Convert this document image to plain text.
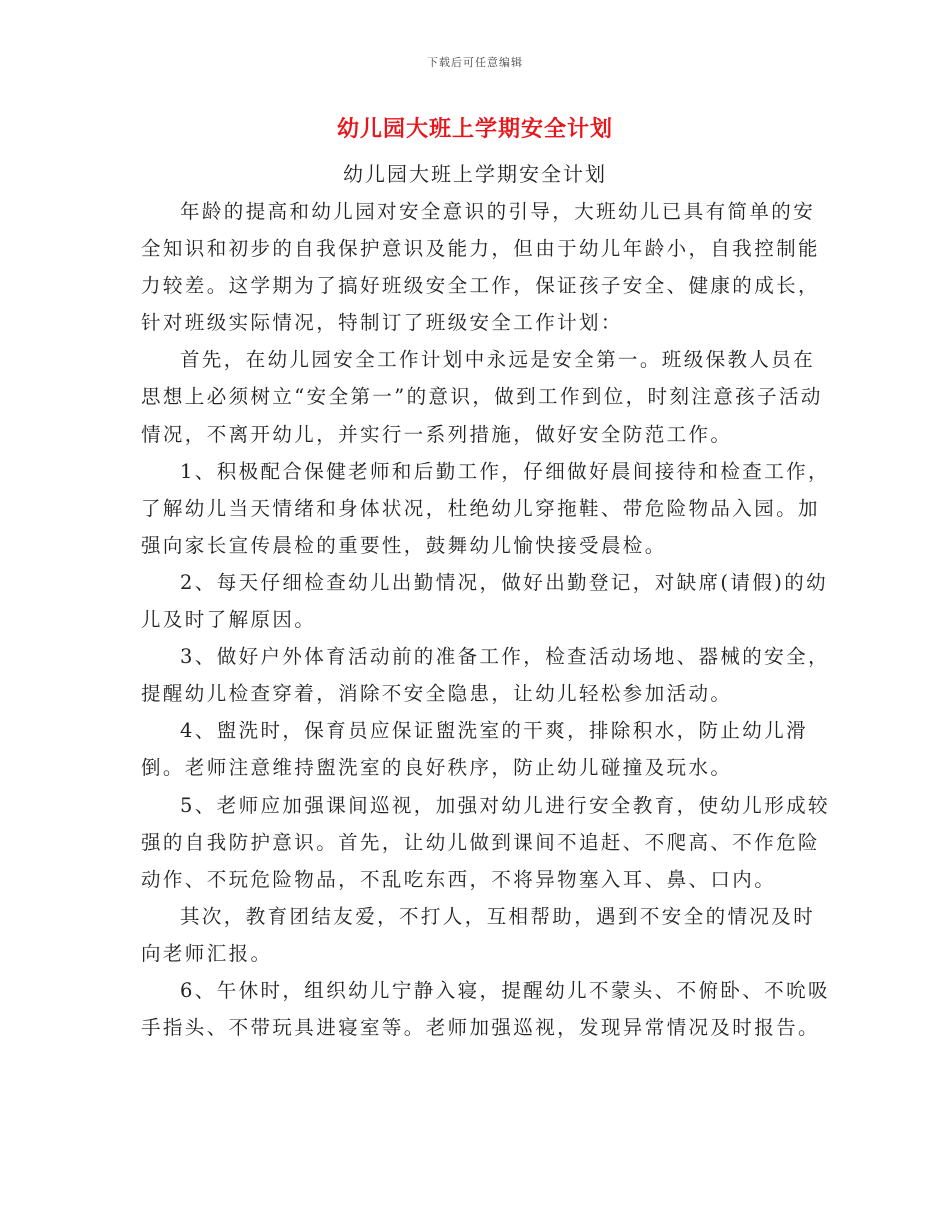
下载后可任意编辑
幼儿园大班上学期安全计划
幼儿园大班上学期安全计划

年龄的提高和幼儿园对安全意识的引导，大班幼儿已具有简单的安全知识和初步的自我保护意识及能力，但由于幼儿年龄小，自我控制能力较差。这学期为了搞好班级安全工作，保证孩子安全、健康的成长，针对班级实际情况，特制订了班级安全工作计划：

首先，在幼儿园安全工作计划中永远是安全第一。班级保教人员在思想上必须树立“安全第一”的意识，做到工作到位，时刻注意孩子活动情况，不离开幼儿，并实行一系列措施，做好安全防范工作。

1、积极配合保健老师和后勤工作，仔细做好晨间接待和检查工作，了解幼儿当天情绪和身体状况，杜绝幼儿穿拖鞋、带危险物品入园。加强向家长宣传晨检的重要性，鼓舞幼儿愉快接受晨检。

2、每天仔细检查幼儿出勤情况，做好出勤登记，对缺席(请假)的幼儿及时了解原因。

3、做好户外体育活动前的准备工作，检查活动场地、器械的安全，提醒幼儿检查穿着，消除不安全隐患，让幼儿轻松参加活动。

4、盥洗时，保育员应保证盥洗室的干爽，排除积水，防止幼儿滑倒。老师注意维持盥洗室的良好秩序，防止幼儿碰撞及玩水。

5、老师应加强课间巡视，加强对幼儿进行安全教育，使幼儿形成较强的自我防护意识。首先，让幼儿做到课间不追赶、不爬高、不作危险动作、不玩危险物品，不乱吃东西，不将异物塞入耳、鼻、口内。

其次，教育团结友爱，不打人，互相帮助，遇到不安全的情况及时向老师汇报。

6、午休时，组织幼儿宁静入寝，提醒幼儿不蒙头、不俯卧、不吮吸手指头、不带玩具进寝室等。老师加强巡视，发现异常情况及时报告。
